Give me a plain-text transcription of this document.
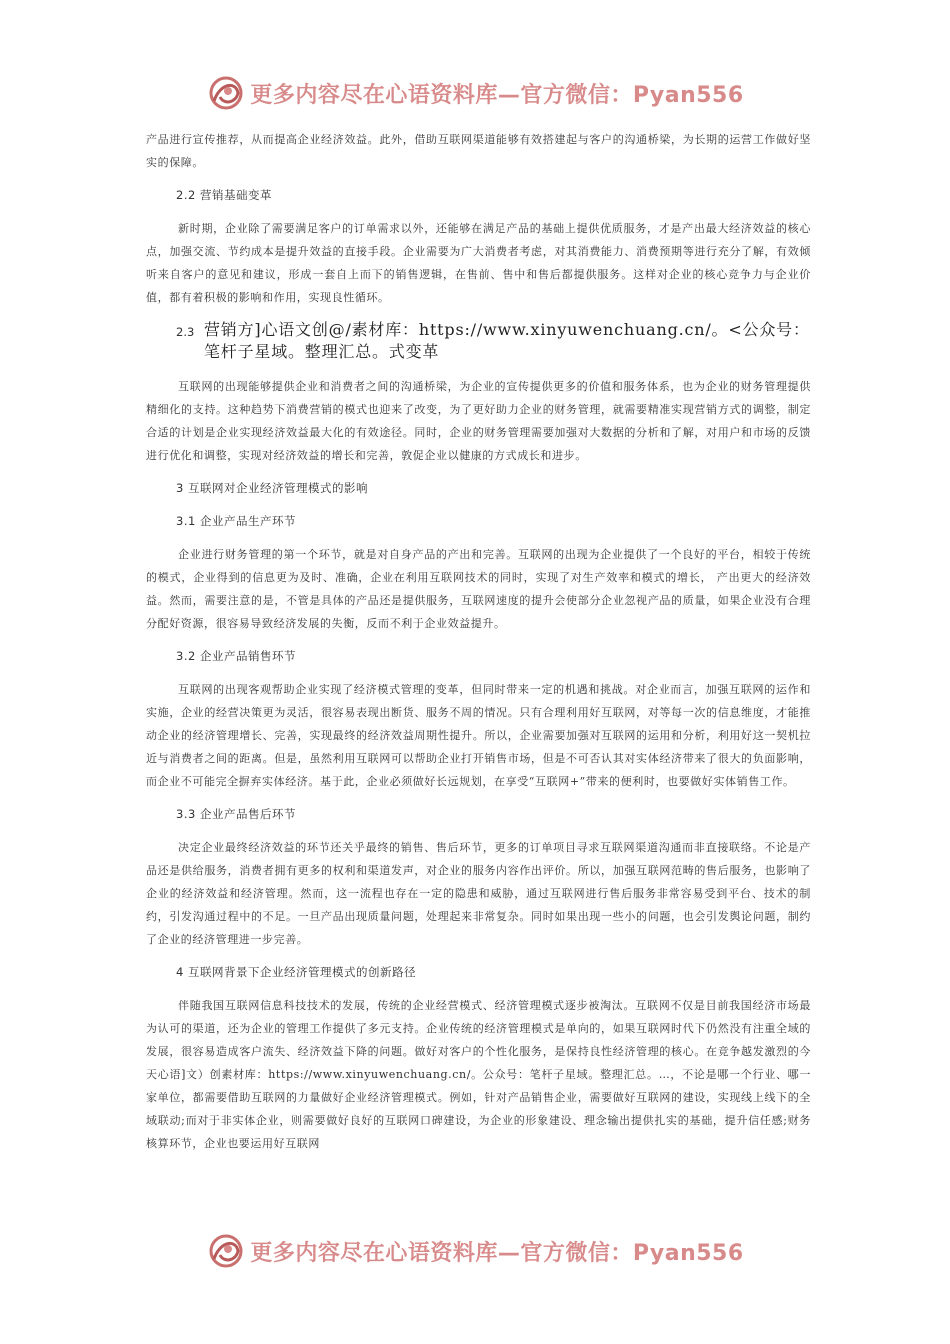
更多内容尽在心语资料库—官方微信：Pyan556

产品进行宣传推荐，从而提高企业经济效益。此外，借助互联网渠道能够有效搭建起与客户的沟通桥梁，为长期的运营工作做好坚实的保障。

2.2 营销基础变革

新时期，企业除了需要满足客户的订单需求以外，还能够在满足产品的基础上提供优质服务，才是产出最大经济效益的核心点，加强交流、节约成本是提升效益的直接手段。企业需要为广大消费者考虑，对其消费能力、消费预期等进行充分了解，有效倾听来自客户的意见和建议，形成一套自上而下的销售逻辑，在售前、售中和售后都提供服务。这样对企业的核心竞争力与企业价值，都有着积极的影响和作用，实现良性循环。

2.3 营销方]心语文创@/素材库：https://www.xinyuwenchuang.cn/。<公众号：笔杆子星域。整理汇总。式变革

互联网的出现能够提供企业和消费者之间的沟通桥梁，为企业的宣传提供更多的价值和服务体系，也为企业的财务管理提供精细化的支持。这种趋势下消费营销的模式也迎来了改变，为了更好助力企业的财务管理，就需要精准实现营销方式的调整，制定合适的计划是企业实现经济效益最大化的有效途径。同时，企业的财务管理需要加强对大数据的分析和了解，对用户和市场的反馈进行优化和调整，实现对经济效益的增长和完善，敦促企业以健康的方式成长和进步。

3 互联网对企业经济管理模式的影响
3.1 企业产品生产环节

企业进行财务管理的第一个环节，就是对自身产品的产出和完善。互联网的出现为企业提供了一个良好的平台，相较于传统的模式，企业得到的信息更为及时、准确，企业在利用互联网技术的同时，实现了对生产效率和模式的增长， 产出更大的经济效益。然而，需要注意的是，不管是具体的产品还是提供服务，互联网速度的提升会使部分企业忽视产品的质量，如果企业没有合理分配好资源，很容易导致经济发展的失衡，反而不利于企业效益提升。

3.2 企业产品销售环节

互联网的出现客观帮助企业实现了经济模式管理的变革，但同时带来一定的机遇和挑战。对企业而言，加强互联网的运作和实施，企业的经营决策更为灵活，很容易表现出断货、服务不周的情况。只有合理利用好互联网，对等每一次的信息维度，才能推动企业的经济管理增长、完善，实现最终的经济效益周期性提升。所以，企业需要加强对互联网的运用和分析，利用好这一契机拉近与消费者之间的距离。但是，虽然利用互联网可以帮助企业打开销售市场，但是不可否认其对实体经济带来了很大的负面影响，而企业不可能完全摒弃实体经济。基于此，企业必须做好长远规划，在享受“互联网+”带来的便利时，也要做好实体销售工作。

3.3 企业产品售后环节

决定企业最终经济效益的环节还关乎最终的销售、售后环节，更多的订单项目寻求互联网渠道沟通而非直接联络。不论是产品还是供给服务，消费者拥有更多的权利和渠道发声，对企业的服务内容作出评价。所以，加强互联网范畴的售后服务，也影响了企业的经济效益和经济管理。然而，这一流程也存在一定的隐患和威胁，通过互联网进行售后服务非常容易受到平台、技术的制约，引发沟通过程中的不足。一旦产品出现质量问题，处理起来非常复杂。同时如果出现一些小的问题，也会引发舆论问题，制约了企业的经济管理进一步完善。

4 互联网背景下企业经济管理模式的创新路径

伴随我国互联网信息科技技术的发展，传统的企业经营模式、经济管理模式逐步被淘汰。互联网不仅是目前我国经济市场最为认可的渠道，还为企业的管理工作提供了多元支持。企业传统的经济管理模式是单向的，如果互联网时代下仍然没有注重全域的发展，很容易造成客户流失、经济效益下降的问题。做好对客户的个性化服务，是保持良性经济管理的核心。在竞争越发激烈的今天心语]文）创素材库：https://www.xinyuwenchuang.cn/。公众号：笔杆子星域。整理汇总。…，不论是哪一个行业、哪一家单位，都需要借助互联网的力量做好企业经济管理模式。例如，针对产品销售企业，需要做好互联网的建设，实现线上线下的全域联动;而对于非实体企业，则需要做好良好的互联网口碑建设，为企业的形象建设、理念输出提供扎实的基础，提升信任感;财务核算环节，企业也要运用好互联网

更多内容尽在心语资料库—官方微信：Pyan556
